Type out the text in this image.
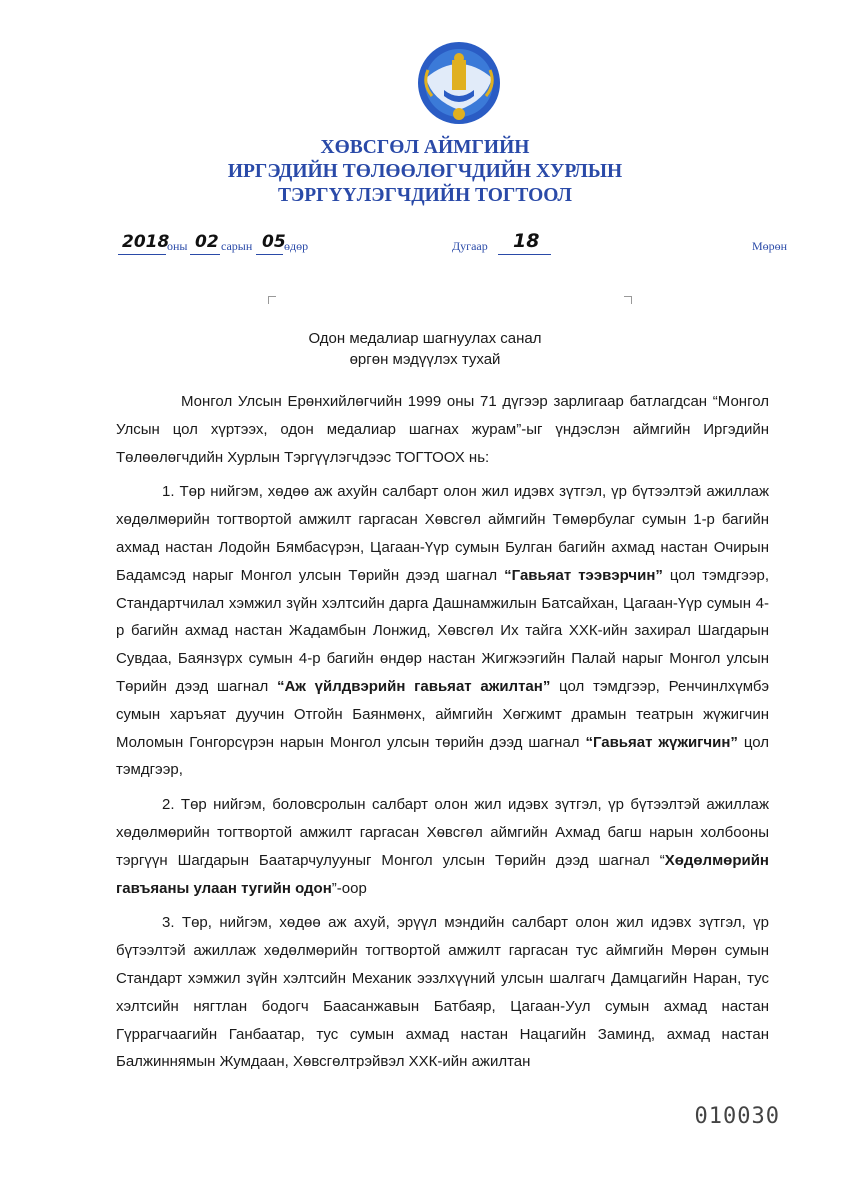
ХӨВСГӨЛ АЙМГИЙН
ИРГЭДИЙН ТӨЛӨӨЛӨГЧДИЙН ХУРЛЫН
ТЭРГҮҮЛЭГЧДИЙН ТОГТООЛ
2018
оны 02 сарын 05
өдөр	Дугаар 18	Мөрөн
Одон медалиар шагнуулах санал
өргөн мэдүүлэх тухай

Монгол Улсын Ерөнхийлөгчийн 1999 оны 71 дүгээр зарлигаар батлагдсан “Монгол Улсын цол хүртээх, одон медалиар шагнах журам”-ыг үндэслэн аймгийн Иргэдийн Төлөөлөгчдийн Хурлын Тэргүүлэгчдээс ТОГТООХ нь:

1. Төр нийгэм, хөдөө аж ахуйн салбарт олон жил идэвх зүтгэл, үр бүтээлтэй ажиллаж хөдөлмөрийн тогтвортой амжилт гаргасан Хөвсгөл аймгийн Төмөрбулаг сумын 1-р багийн ахмад настан Лодойн Бямбасүрэн, Цагаан-Үүр сумын Булган багийн ахмад настан Очирын Бадамсэд нарыг Монгол улсын Төрийн дээд шагнал “Гавьяат тээвэрчин” цол тэмдгээр, Стандартчилал хэмжил зүйн хэлтсийн дарга Дашнамжилын Батсайхан, Цагаан-Үүр сумын 4-р багийн ахмад настан Жадамбын Лонжид, Хөвсгөл Их тайга ХХК-ийн захирал Шагдарын Сувдаа, Баянзүрх сумын 4-р багийн өндөр настан Жигжээгийн Палай нарыг Монгол улсын Төрийн дээд шагнал “Аж үйлдвэрийн гавьяат ажилтан” цол тэмдгээр, Ренчинлхүмбэ сумын харъяат дуучин Отгойн Баянмөнх, аймгийн Хөгжимт драмын театрын жүжигчин Моломын Гонгорсүрэн нарын Монгол улсын төрийн дээд шагнал “Гавьяат жүжигчин” цол тэмдгээр,

2. Төр нийгэм, боловсролын салбарт олон жил идэвх зүтгэл, үр бүтээлтэй ажиллаж хөдөлмөрийн тогтвортой амжилт гаргасан Хөвсгөл аймгийн Ахмад багш нарын холбооны тэргүүн Шагдарын Баатарчулууныг Монгол улсын Төрийн дээд шагнал “Хөдөлмөрийн гавъяаны улаан тугийн одон”-оор

3. Төр, нийгэм, хөдөө аж ахуй, эрүүл мэндийн салбарт олон жил идэвх зүтгэл, үр бүтээлтэй ажиллаж хөдөлмөрийн тогтвортой амжилт гаргасан тус аймгийн Мөрөн сумын Стандарт хэмжил зүйн хэлтсийн Механик ээзлхүүний улсын шалгагч Дамцагийн Наран, тус хэлтсийн нягтлан бодогч Баасанжавын Батбаяр, Цагаан-Уул сумын ахмад настан Гүррагчаагийн Ганбаатар, тус сумын ахмад настан Нацагийн Заминд, ахмад настан Балжиннямын Жумдаан, Хөвсгөлтрэйвэл ХХК-ийн ажилтан

010030
